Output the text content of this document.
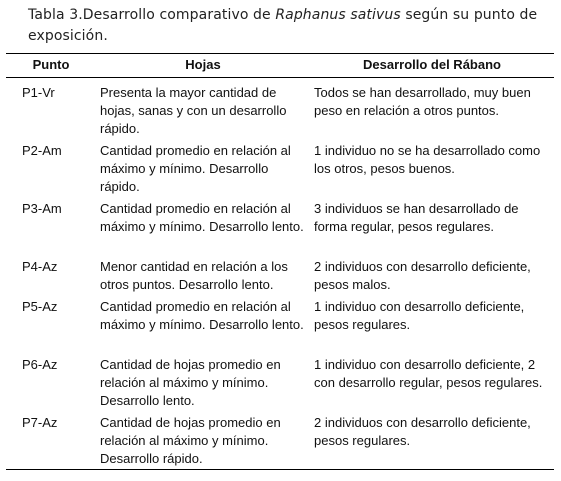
Tabla 3.Desarrollo comparativo de Raphanus sativus según su punto de exposición.
Punto	Hojas	Desarrollo del Rábano
P1-Vr	Presenta la mayor cantidad de hojas, sanas y con un desarrollo rápido.	Todos se han desarrollado, muy buen peso en relación a otros puntos.
P2-Am	Cantidad promedio en relación al máximo y mínimo. Desarrollo rápido.	1 individuo no se ha desarrollado como los otros, pesos buenos.
P3-Am	Cantidad promedio en relación al máximo y mínimo. Desarrollo lento.	3 individuos se han desarrollado de forma regular, pesos regulares.
P4-Az	Menor cantidad en relación a los otros puntos. Desarrollo lento.	2 individuos con desarrollo deficiente, pesos malos.
P5-Az	Cantidad promedio en relación al máximo y mínimo. Desarrollo lento.	1 individuo con desarrollo deficiente, pesos regulares.
P6-Az	Cantidad de hojas promedio en relación al máximo y mínimo. Desarrollo lento.	1 individuo con desarrollo deficiente, 2 con desarrollo regular, pesos regulares.
P7-Az	Cantidad de hojas promedio en relación al máximo y mínimo. Desarrollo rápido.	2 individuos con desarrollo deficiente, pesos regulares.
